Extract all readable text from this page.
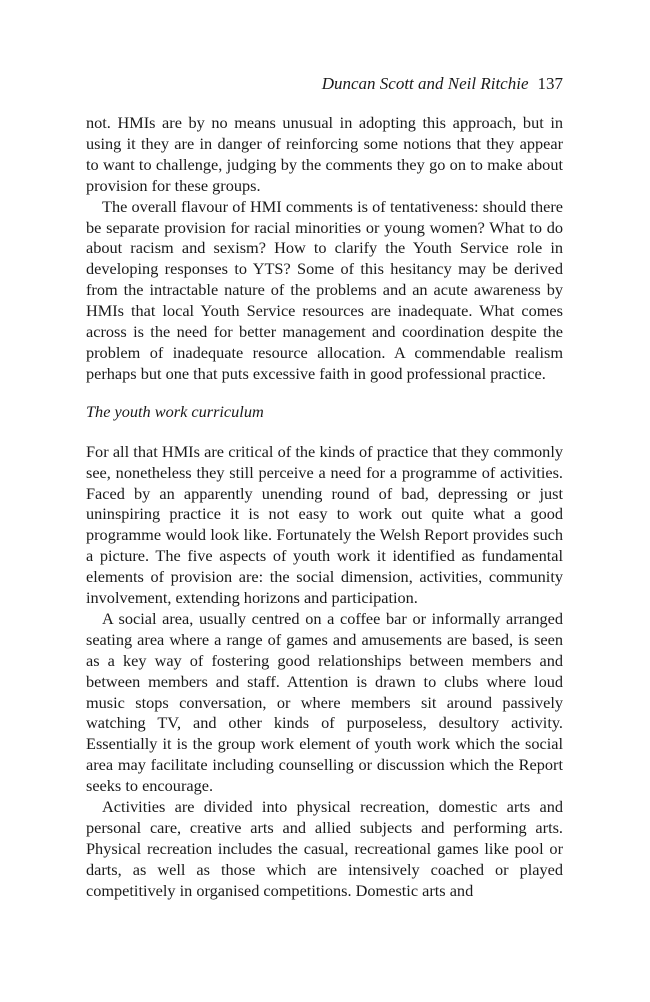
Duncan Scott and Neil Ritchie 137

not. HMIs are by no means unusual in adopting this approach, but in using it they are in danger of reinforcing some notions that they appear to want to challenge, judging by the comments they go on to make about provision for these groups.

The overall flavour of HMI comments is of tentativeness: should there be separate provision for racial minorities or young women? What to do about racism and sexism? How to clarify the Youth Service role in developing responses to YTS? Some of this hesitancy may be derived from the intractable nature of the problems and an acute awareness by HMIs that local Youth Service resources are inadequate. What comes across is the need for better management and coordination despite the problem of inadequate resource allocation. A commendable realism perhaps but one that puts excessive faith in good professional practice.

The youth work curriculum

For all that HMIs are critical of the kinds of practice that they commonly see, nonetheless they still perceive a need for a programme of activities. Faced by an apparently unending round of bad, depressing or just uninspiring practice it is not easy to work out quite what a good programme would look like. Fortunately the Welsh Report provides such a picture. The five aspects of youth work it identified as fundamental elements of provision are: the social dimension, activities, community involvement, extending horizons and participation.

A social area, usually centred on a coffee bar or informally arranged seating area where a range of games and amusements are based, is seen as a key way of fostering good relationships between members and between members and staff. Attention is drawn to clubs where loud music stops conversation, or where members sit around passively watching TV, and other kinds of purposeless, desultory activity. Essentially it is the group work element of youth work which the social area may facilitate including counselling or discussion which the Report seeks to encourage.

Activities are divided into physical recreation, domestic arts and personal care, creative arts and allied subjects and performing arts. Physical recreation includes the casual, recreational games like pool or darts, as well as those which are intensively coached or played competitively in organised competitions. Domestic arts and
